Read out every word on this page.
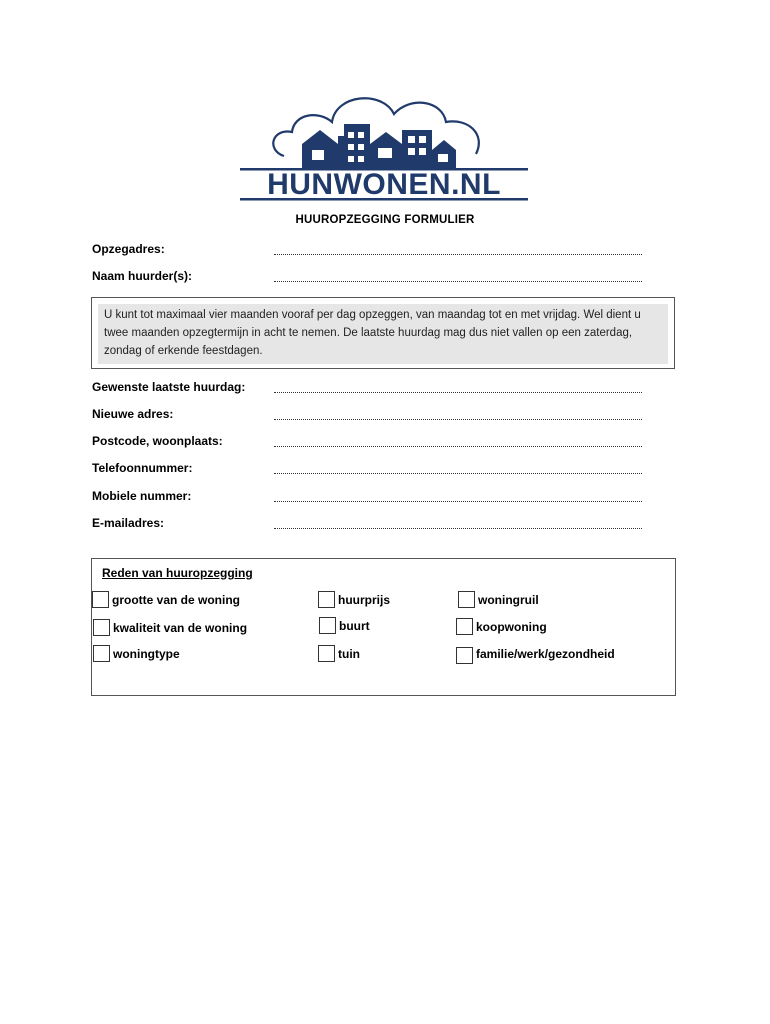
HUNWONEN.NL
HUUROPZEGGING FORMULIER
Opzegadres:
Naam huurder(s):
U kunt tot maximaal vier maanden vooraf per dag opzeggen, van maandag tot en met vrijdag. Wel dient u twee maanden opzegtermijn in acht te nemen. De laatste huurdag mag dus niet vallen op een zaterdag, zondag of erkende feestdagen.
Gewenste laatste huurdag:
Nieuwe adres:
Postcode, woonplaats:
Telefoonnummer:
Mobiele nummer:
E-mailadres:
Reden van huuropzegging
grootte van de woning	huurprijs	woningruil
kwaliteit van de woning	buurt	koopwoning
woningtype	tuin	familie/werk/gezondheid
